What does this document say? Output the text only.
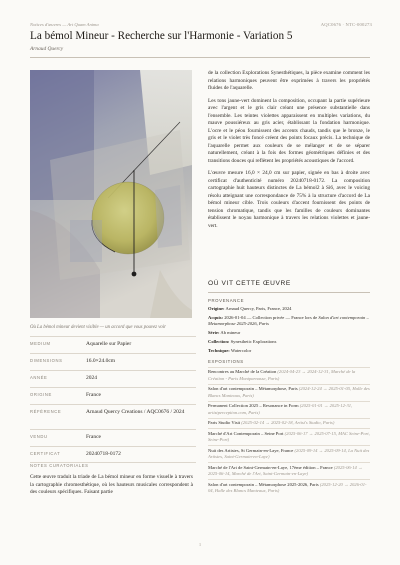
Notices d'œuvres — Art Quam Anima	AQC0676 · NTC-000273
La bémol Mineur - Recherche sur l'Harmonie - Variation 5
Arnaud Quercy
Où La bémol mineur devient visible — un accord que vous pouvez voir
MEDIUM	Aquarelle sur Papier
DIMENSIONS	16.0×24.0cm
ANNÉE	2024
ORIGINE	France
RÉFÉRENCE	Arnaud Quercy Creations / AQC0676 / 2024
VENDU	France
CERTIFICAT	20240718-0172
NOTES CURATORIALES
Cette œuvre traduit la triade de La bémol mineur en forme visuelle à travers la cartographie chromesthétique, où les hauteurs musicales correspondent à des couleurs spécifiques. Faisant partie

de la collection Explorations Synesthétiques, la pièce examine comment les relations harmoniques peuvent être exprimées à travers les propriétés fluides de l'aquarelle.

Les tons jaune-vert dominent la composition, occupant la partie supérieure avec l'argent et le gris clair créant une présence substantielle dans l'ensemble. Les teintes violettes apparaissent en multiples variations, du mauve poussiéreux au gris acier, établissant la fondation harmonique. L'ocre et le péou fournissent des accents chauds, tandis que le bronze, le gris et le violet très foncé créent des points focaux précis. La technique de l'aquarelle permet aux couleurs de se mélanger et de se séparer naturellement, créant à la fois des formes géométriques définies et des transitions douces qui reflètent les propriétés acoustiques de l'accord.

L'œuvre mesure 16,0 × 24,0 cm sur papier, signée en bas à droite avec certificat d'authenticité numéro 20240718-0172. La composition cartographie huit hauteurs distinctes de La bémol2 à Si6, avec le voicing résolu atteignant une correspondance de 75% à la structure d'accord de La bémol mineur cible. Trois couleurs d'accent fournissent des points de tension chromatique, tandis que les familles de couleurs dominantes établissent le noyau harmonique à travers les relations violettes et jaune-vert.

OÙ VIT CETTE ŒUVRE
PROVENANCE
Origine: Arnaud Quercy, Paris, France, 2024
Acquis: 2026-01-04 — Collection privée — France lors de Salon d'art contemporain – Metamorphose 2025-2026, Paris
Série: Ab mineur
Collection: Synesthetic Explorations
Technique: Watercolor
EXPOSITIONS
Rencontres au Marché de la Création (2024-04-23 → 2024-12-31, Marché de la Création - Paris Montparnasse, Paris)
Salon d'art contemporain – Métamorphose, Paris (2024-12-24 → 2025-01-05, Halle des Blancs Manteaux, Paris)
Permanent Collection 2025 – Resonance in Form (2025-01-01 → 2025-12-31, artistperception.com, Paris)
Paris Studio Visit (2025-02-14 → 2025-02-18, Artist's Studio, Paris)
Marché d'Art Contemporain – Seine Port (2025-06-17 → 2025-07-15, MAC Seine-Port, Seine-Port)
Nuit des Artistes, St Germain-en-Laye, France (2025-09-14 → 2025-09-14, La Nuit des Artistes, Saint-Germain-en-Laye)
Marché de l'Art de Saint-Germain-en-Laye, 17ème édition – France (2025-06-14 → 2025-06-14, Marché de l'Art, Saint-Germain-en-Laye)
Salon d'art contemporain – Métamorphose 2025-2026, Paris (2025-12-20 → 2026-01-04, Halle des Blancs Manteaux, Paris)
1
